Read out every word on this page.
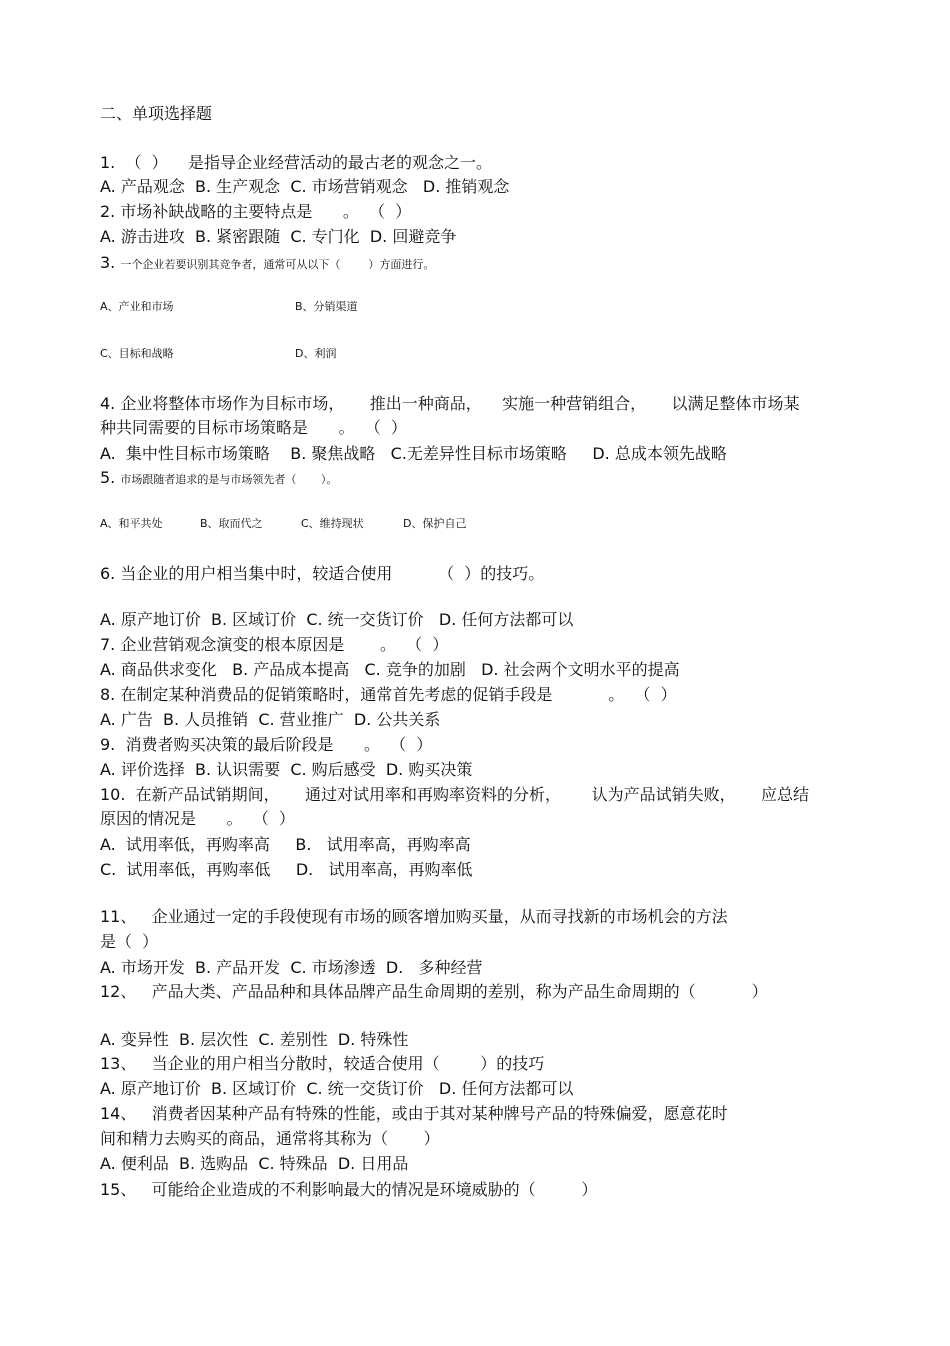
二、单项选择题

1.  （  ）    是指导企业经营活动的最古老的观念之一。

A. 产品观念  B. 生产观念  C. 市场营销观念   D. 推销观念

2. 市场补缺战略的主要特点是      。  （  ）

A. 游击进攻  B. 紧密跟随  C. 专门化  D. 回避竞争

3. 一个企业若要识别其竞争者，通常可从以下（        ）方面进行。

A、产业和市场	B、分销渠道

C、目标和战略	D、利润

4. 企业将整体市场作为目标市场，     推出一种商品，    实施一种营销组合，     以满足整体市场某

种共同需要的目标市场策略是      。  （  ）

A.  集中性目标市场策略    B. 聚焦战略   C.无差异性目标市场策略     D. 总成本领先战略

5. 市场跟随者追求的是与市场领先者（       ）。

A、和平共处	B、取而代之	C、维持现状	D、保护自己

6. 当企业的用户相当集中时，较适合使用         （  ）的技巧。

A. 原产地订价  B. 区域订价  C. 统一交货订价   D. 任何方法都可以

7. 企业营销观念演变的根本原因是       。  （  ）

A. 商品供求变化   B. 产品成本提高   C. 竞争的加剧   D. 社会两个文明水平的提高

8. 在制定某种消费品的促销策略时，通常首先考虑的促销手段是           。  （  ）

A. 广告  B. 人员推销  C. 营业推广  D. 公共关系

9.  消费者购买决策的最后阶段是      。  （  ）

A. 评价选择  B. 认识需要  C. 购后感受  D. 购买决策

10.  在新产品试销期间，     通过对试用率和再购率资料的分析，      认为产品试销失败，     应总结

原因的情况是      。  （  ）

A.  试用率低，再购率高     B.   试用率高，再购率高

C.  试用率低，再购率低     D.   试用率高，再购率低

11、   企业通过一定的手段使现有市场的顾客增加购买量，从而寻找新的市场机会的方法

是（  ）

A. 市场开发  B. 产品开发  C. 市场渗透  D.   多种经营

12、   产品大类、产品品种和具体品牌产品生命周期的差别，称为产品生命周期的（           ）

A. 变异性  B. 层次性  C. 差别性  D. 特殊性

13、   当企业的用户相当分散时，较适合使用（        ）的技巧

A. 原产地订价  B. 区域订价  C. 统一交货订价   D. 任何方法都可以

14、   消费者因某种产品有特殊的性能，或由于其对某种牌号产品的特殊偏爱，愿意花时

间和精力去购买的商品，通常将其称为（       ）

A. 便利品  B. 选购品  C. 特殊品  D. 日用品

15、   可能给企业造成的不利影响最大的情况是环境威胁的（         ）
